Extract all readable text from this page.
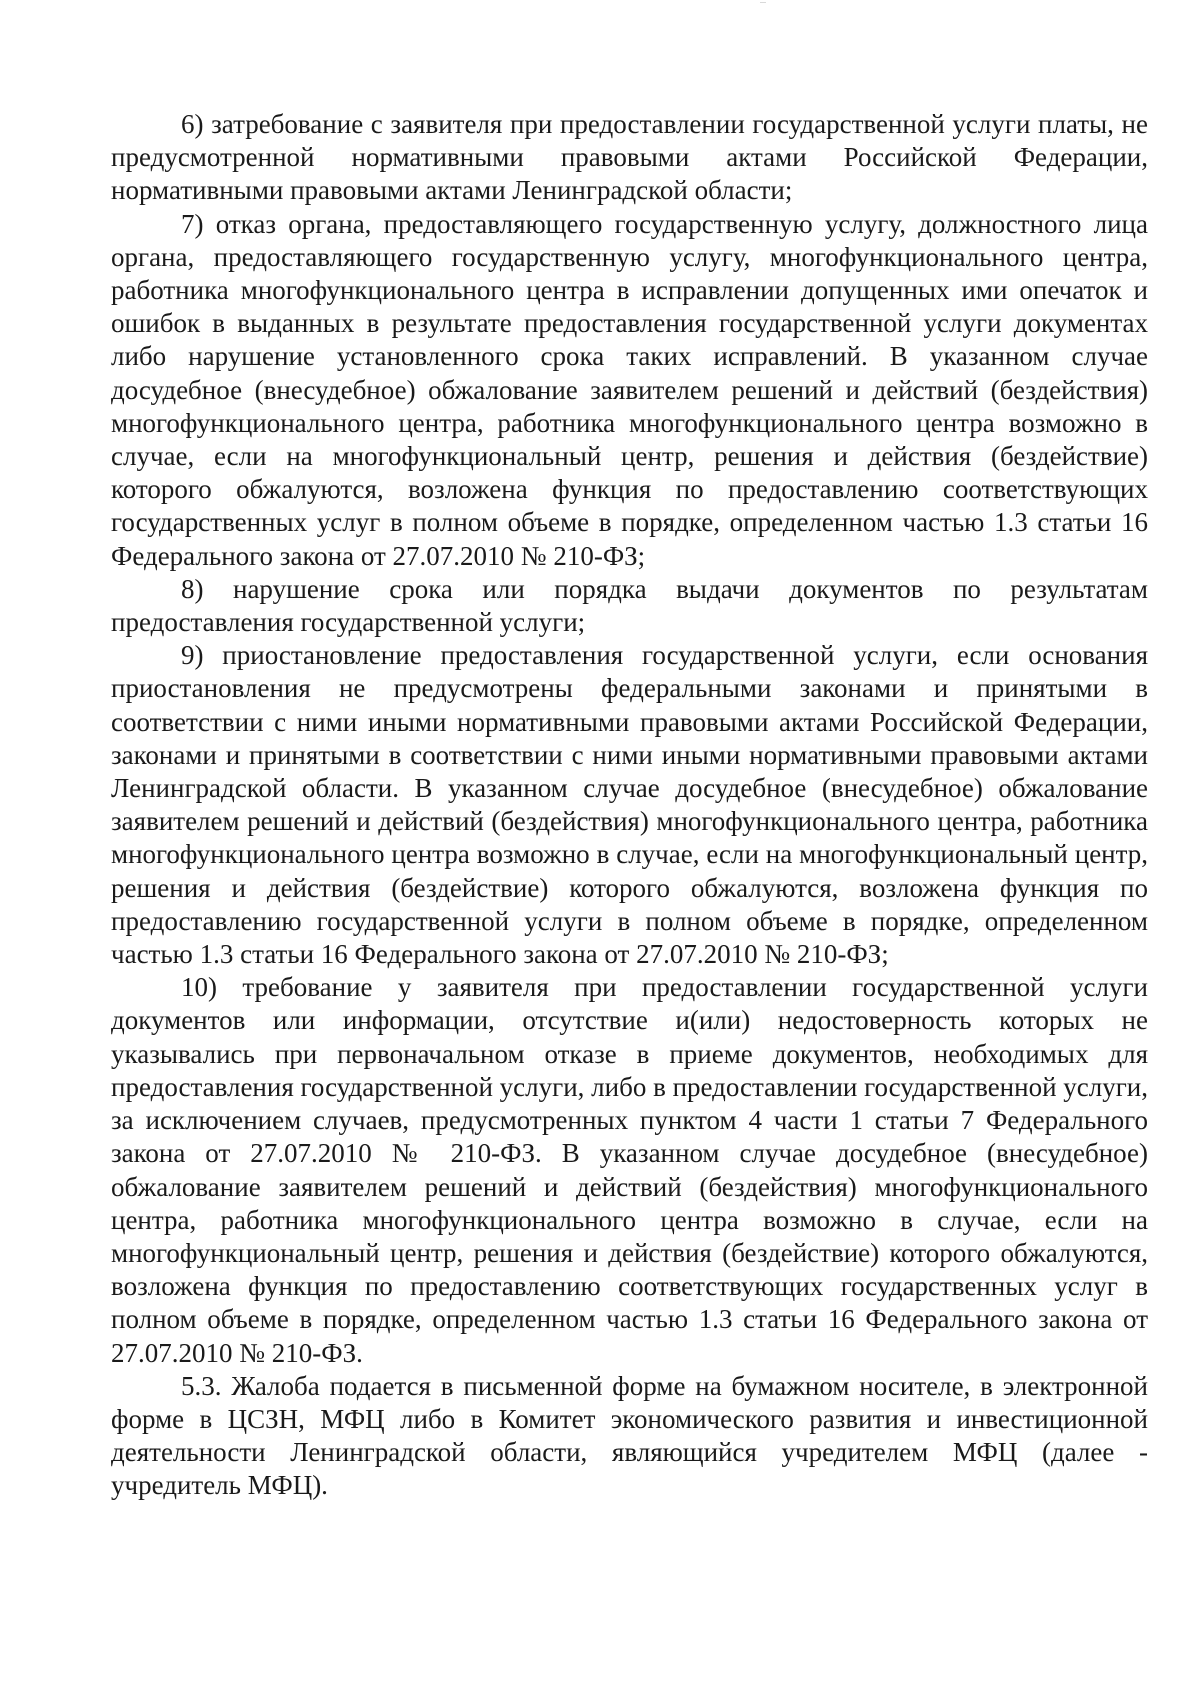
6) затребование с заявителя при предоставлении государственной услуги платы, не предусмотренной нормативными правовыми актами Российской Федерации, нормативными правовыми актами Ленинградской области;

7) отказ органа, предоставляющего государственную услугу, должностного лица органа, предоставляющего государственную услугу, многофункционального центра, работника многофункционального центра в исправлении допущенных ими опечаток и ошибок в выданных в результате предоставления государственной услуги документах либо нарушение установленного срока таких исправлений. В указанном случае досудебное (внесудебное) обжалование заявителем решений и действий (бездействия) многофункционального центра, работника многофункционального центра возможно в случае, если на многофункциональный центр, решения и действия (бездействие) которого обжалуются, возложена функция по предоставлению соответствующих государственных услуг в полном объеме в порядке, определенном частью 1.3 статьи 16 Федерального закона от 27.07.2010 № 210-ФЗ;

8) нарушение срока или порядка выдачи документов по результатам предоставления государственной услуги;

9) приостановление предоставления государственной услуги, если основания приостановления не предусмотрены федеральными законами и принятыми в соответствии с ними иными нормативными правовыми актами Российской Федерации, законами и принятыми в соответствии с ними иными нормативными правовыми актами Ленинградской области. В указанном случае досудебное (внесудебное) обжалование заявителем решений и действий (бездействия) многофункционального центра, работника многофункционального центра возможно в случае, если на многофункциональный центр, решения и действия (бездействие) которого обжалуются, возложена функция по предоставлению государственной услуги в полном объеме в порядке, определенном частью 1.3 статьи 16 Федерального закона от 27.07.2010 № 210-ФЗ;

10) требование у заявителя при предоставлении государственной услуги документов или информации, отсутствие и(или) недостоверность которых не указывались при первоначальном отказе в приеме документов, необходимых для предоставления государственной услуги, либо в предоставлении государственной услуги, за исключением случаев, предусмотренных пунктом 4 части 1 статьи 7 Федерального закона от 27.07.2010 № 210-ФЗ. В указанном случае досудебное (внесудебное) обжалование заявителем решений и действий (бездействия) многофункционального центра, работника многофункционального центра возможно в случае, если на многофункциональный центр, решения и действия (бездействие) которого обжалуются, возложена функция по предоставлению соответствующих государственных услуг в полном объеме в порядке, определенном частью 1.3 статьи 16 Федерального закона от 27.07.2010 № 210-ФЗ.

5.3. Жалоба подается в письменной форме на бумажном носителе, в электронной форме в ЦСЗН, МФЦ либо в Комитет экономического развития и инвестиционной деятельности Ленинградской области, являющийся учредителем МФЦ (далее - учредитель МФЦ).
